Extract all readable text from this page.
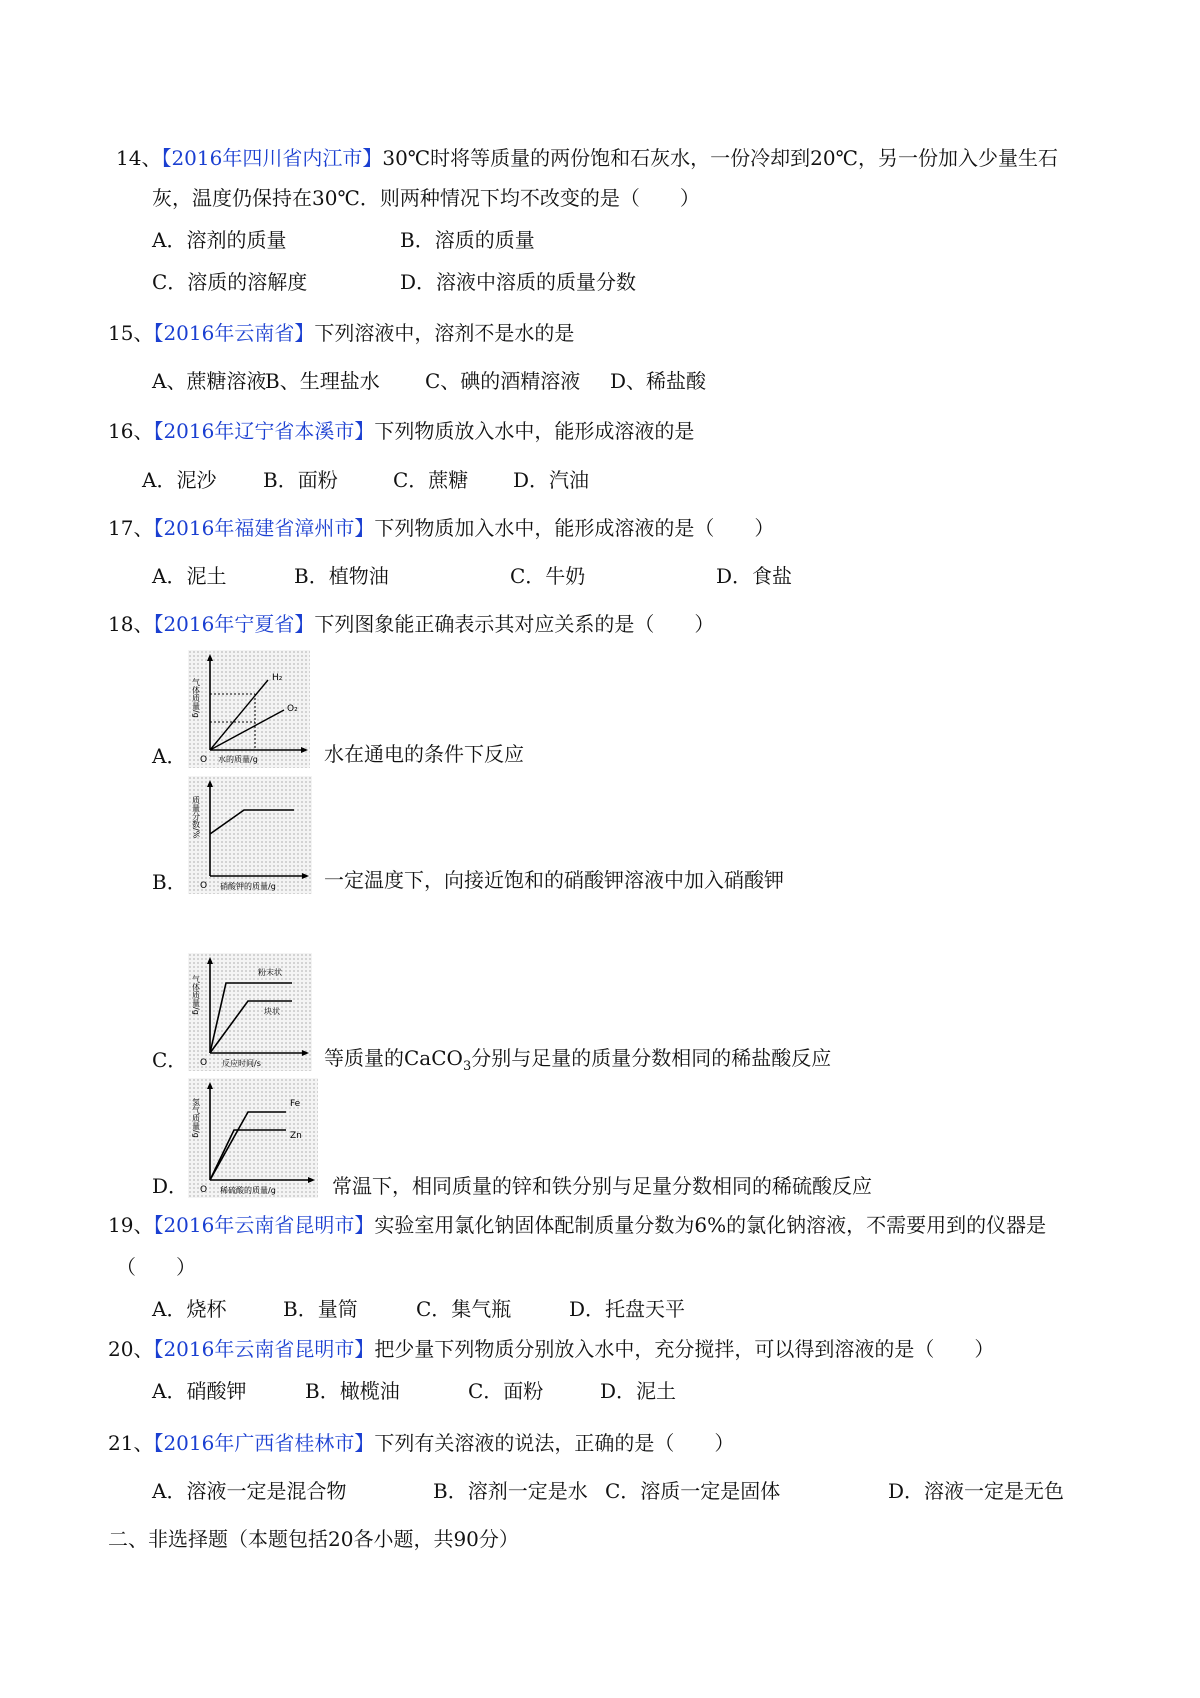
14、【2016年四川省内江市】30℃时将等质量的两份饱和石灰水，一份冷却到20℃，另一份加入少量生石
灰，温度仍保持在30℃．则两种情况下均不改变的是（　　）
A．溶剂的质量	B．溶质的质量
C．溶质的溶解度	D．溶液中溶质的质量分数
15、【2016年云南省】下列溶液中，溶剂不是水的是
A、蔗糖溶液
B、生理盐水 C、碘的酒精溶液 D、稀盐酸
16、【2016年辽宁省本溪市】下列物质放入水中，能形成溶液的是
A．泥沙 B．面粉	C．蔗糖 D．汽油
17、【2016年福建省漳州市】下列物质加入水中，能形成溶液的是（　　）
A．泥土	B．植物油	C．牛奶	D．食盐
18、【2016年宁夏省】下列图象能正确表示其对应关系的是（　　）
H₂
O₂
O 水的质量/g
气体质量/g
A．	水在通电的条件下反应
O 硝酸钾的质量/g
质量分数/%
B．	一定温度下，向接近饱和的硝酸钾溶液中加入硝酸钾
粉末状
块状
O 反应时间/s
气体质量/g
C．	等质量的CaCO$_3$分别与足量的质量分数相同的稀盐酸反应
Fe
Zn
O 稀硫酸的质量/g
氢气质量/g
D．	常温下，相同质量的锌和铁分别与足量分数相同的稀硫酸反应
19、【2016年云南省昆明市】实验室用氯化钠固体配制质量分数为6%的氯化钠溶液，不需要用到的仪器是
（　　）
A．烧杯	B．量筒	C．集气瓶	D．托盘天平
20、【2016年云南省昆明市】把少量下列物质分别放入水中，充分搅拌，可以得到溶液的是（　　）
A．硝酸钾	B．橄榄油	C．面粉	D．泥土
21、【2016年广西省桂林市】下列有关溶液的说法，正确的是（　　）
A．溶液一定是混合物	B．溶剂一定是水 C．溶质一定是固体	D．溶液一定是无色
二、非选择题（本题包括20各小题，共90分）
